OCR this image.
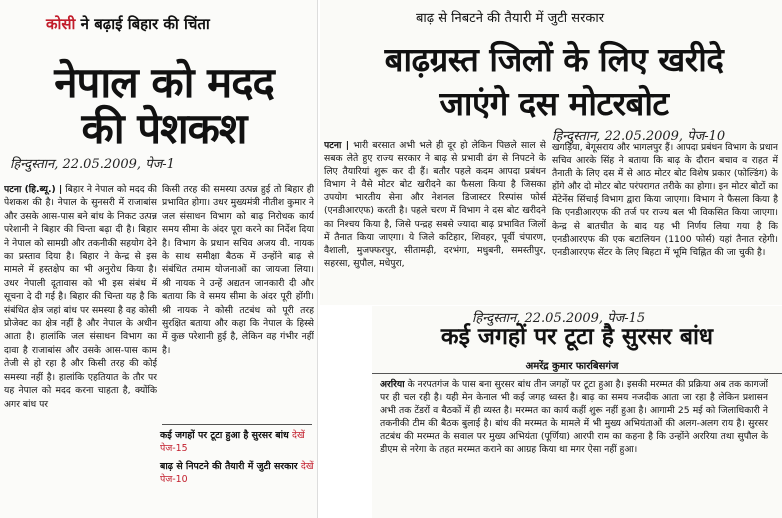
कोसी ने बढ़ाई बिहार की चिंता
नेपाल को मदद
की पेशकश
हिन्दुस्तान, 22.05.2009, पेज-1
पटना (हि.ब्यू.) | बिहार ने नेपाल को मदद की पेशकश की है। नेपाल के सुनसरी में राजाबांस और उसके आस-पास बने बांध के निकट उत्पन्न परेशानी ने बिहार की चिन्ता बढ़ा दी है। बिहार ने नेपाल को सामग्री और तकनीकी सहयोग देने का प्रस्ताव दिया है। बिहार ने केन्द्र से इस मामले में हस्तक्षेप का भी अनुरोध किया है। उधर नेपाली दूतावास को भी इस संबंध में सूचना दे दी गई है। बिहार की चिन्ता यह है कि संबंधित क्षेत्र जहां बांध पर समस्या है वह कोसी प्रोजेक्ट का क्षेत्र नहीं है और नेपाल के अधीन आता है। हालांकि जल संसाधन विभाग का दावा है राजाबांस और उसके आस-पास काम तेजी से हो रहा है और किसी तरह की कोई समस्या नहीं है। हालांकि एहतियात के तौर पर यह नेपाल को मदद करना चाहता है, क्योंकि अगर बांध पर
किसी तरह की समस्या उत्पन्न हुई तो बिहार ही प्रभावित होगा। उधर मुख्यमंत्री नीतीश कुमार ने जल संसाधन विभाग को बाढ़ निरोधक कार्य समय सीमा के अंदर पूरा करने का निर्देश दिया है। विभाग के प्रधान सचिव अजय वी. नायक के साथ समीक्षा बैठक में उन्होंने बाढ़ से संबंधित तमाम योजनाओं का जायजा लिया। श्री नायक ने उन्हें अद्यतन जानकारी दी और बताया कि वे समय सीमा के अंदर पूरी होंगी। श्री नायक ने कोसी तटबंध को पूरी तरह सुरक्षित बताया और कहा कि नेपाल के हिस्से में कुछ परेशानी हुई है, लेकिन वह गंभीर नहीं है।
कई जगहों पर टूटा हुआ है सुरसर बांध देखें पेज-15
बाढ़ से निपटने की तैयारी में जुटी सरकार देखें पेज-10
बाढ़ से निबटने की तैयारी में जुटी सरकार
बाढ़ग्रस्त जिलों के लिए खरीदे
जाएंगे दस मोटरबोट
हिन्दुस्तान, 22.05.2009, पेज-10
पटना | भारी बरसात अभी भले ही दूर हो लेकिन पिछले साल से सबक लेते हुए राज्य सरकार ने बाढ़ से प्रभावी ढंग से निपटने के लिए तैयारियां शुरू कर दी हैं। बतौर पहले कदम आपदा प्रबंधन विभाग ने वैसे मोटर बोट खरीदने का फैसला किया है जिसका उपयोग भारतीय सेना और नेशनल डिजास्टर रिस्पांस फोर्स (एनडीआरएफ) करती है। पहले चरण में विभाग ने दस बोट खरीदने का निश्चय किया है, जिसे पन्द्रह सबसे ज्यादा बाढ़ प्रभावित जिलों में तैनात किया जाएगा। ये जिले कटिहार, शिवहर, पूर्वी चंपारण, वैशाली, मुजफ्फरपुर, सीतामढ़ी, दरभंगा, मधुबनी, समस्तीपुर, सहरसा, सुपौल, मधेपुरा,
खगड़िया, बेगूसराय और भागलपुर हैं। आपदा प्रबंधन विभाग के प्रधान सचिव आरके सिंह ने बताया कि बाढ़ के दौरान बचाव व राहत में तैनाती के लिए दस में से आठ मोटर बोट विशेष प्रकार (फोल्डिंग) के होंगे और दो मोटर बोट परंपरागत तरीके का होगा। इन मोटर बोटों का मेंटेनेंस सिंचाई विभाग द्वारा किया जाएगा। विभाग ने फैसला किया है कि एनडीआरएफ की तर्ज पर राज्य बल भी विकसित किया जाएगा। केन्द्र से बातचीत के बाद यह भी निर्णय लिया गया है कि एनडीआरएफ की एक बटालियन (1100 फोर्स) यहां तैनात रहेगी। एनडीआरएफ सेंटर के लिए बिहटा में भूमि चिह्नित की जा चुकी है।
हिन्दुस्तान, 22.05.2009, पेज-15
कई जगहों पर टूटा है सुरसर बांध
अमरेंद्र कुमार फारबिसगंज
अररिया के नरपतगंज के पास बना सुरसर बांध तीन जगहों पर टूटा हुआ है। इसकी मरम्मत की प्रक्रिया अब तक कागजों पर ही चल रही है। यही मेन केनाल भी कई जगह ध्वस्त है। बाढ़ का समय नजदीक आता जा रहा है लेकिन प्रशासन अभी तक टेंडरों व बैठकों में ही व्यस्त है। मरम्मत का कार्य कहीं शुरू नहीं हुआ है। आगामी 25 मई को जिलाधिकारी ने तकनीकी टीम की बैठक बुलाई है। बांध की मरम्मत के मामले में भी मुख्य अभियंताओं की अलग-अलग राय है। सुरसर तटबंध की मरम्मत के सवाल पर मुख्य अभियंता (पूर्णिया) आरपी राम का कहना है कि उन्होंने अररिया तथा सुपौल के डीएम से नरेगा के तहत मरम्मत कराने का आग्रह किया था मगर ऐसा नहीं हुआ।
